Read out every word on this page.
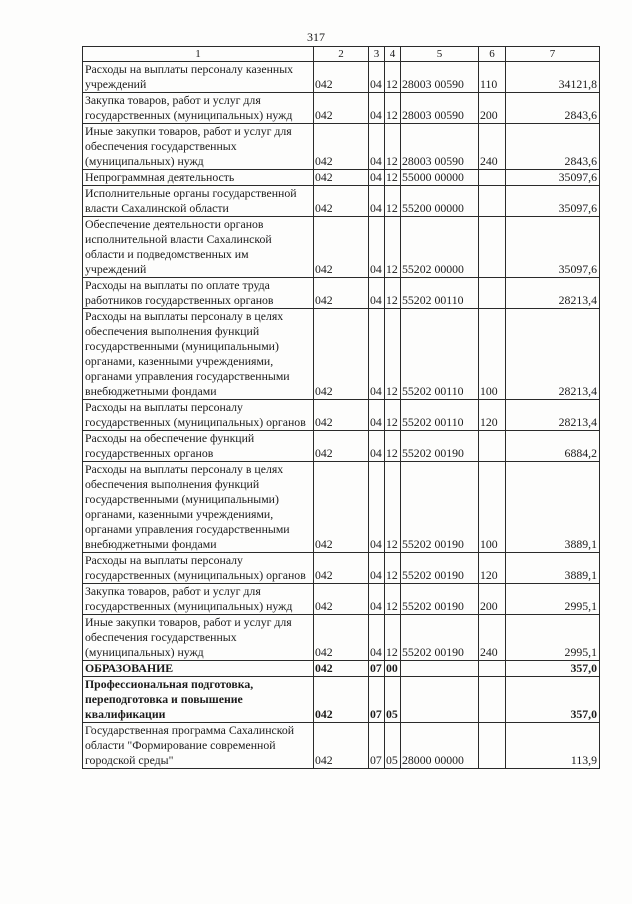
317
1	2	3	4	5	6	7
Расходы на выплаты персоналу казенных учреждений	042	04	12	28003 00590	110	34121,8
Закупка товаров, работ и услуг для государственных (муниципальных) нужд	042	04	12	28003 00590	200	2843,6
Иные закупки товаров, работ и услуг для обеспечения государственных (муниципальных) нужд	042	04	12	28003 00590	240	2843,6
Непрограммная деятельность	042	04	12	55000 00000		35097,6
Исполнительные органы государственной власти Сахалинской области	042	04	12	55200 00000		35097,6
Обеспечение деятельности органов исполнительной власти Сахалинской области и подведомственных им учреждений	042	04	12	55202 00000		35097,6
Расходы на выплаты по оплате труда работников государственных органов	042	04	12	55202 00110		28213,4
Расходы на выплаты персоналу в целях обеспечения выполнения функций государственными (муниципальными) органами, казенными учреждениями, органами управления государственными внебюджетными фондами	042	04	12	55202 00110	100	28213,4
Расходы на выплаты персоналу государственных (муниципальных) органов	042	04	12	55202 00110	120	28213,4
Расходы на обеспечение функций государственных органов	042	04	12	55202 00190		6884,2
Расходы на выплаты персоналу в целях обеспечения выполнения функций государственными (муниципальными) органами, казенными учреждениями, органами управления государственными внебюджетными фондами	042	04	12	55202 00190	100	3889,1
Расходы на выплаты персоналу государственных (муниципальных) органов	042	04	12	55202 00190	120	3889,1
Закупка товаров, работ и услуг для государственных (муниципальных) нужд	042	04	12	55202 00190	200	2995,1
Иные закупки товаров, работ и услуг для обеспечения государственных (муниципальных) нужд	042	04	12	55202 00190	240	2995,1
ОБРАЗОВАНИЕ	042	07	00			357,0
Профессиональная подготовка, переподготовка и повышение квалификации	042	07	05			357,0
Государственная программа Сахалинской области "Формирование современной городской среды"	042	07	05	28000 00000		113,9
